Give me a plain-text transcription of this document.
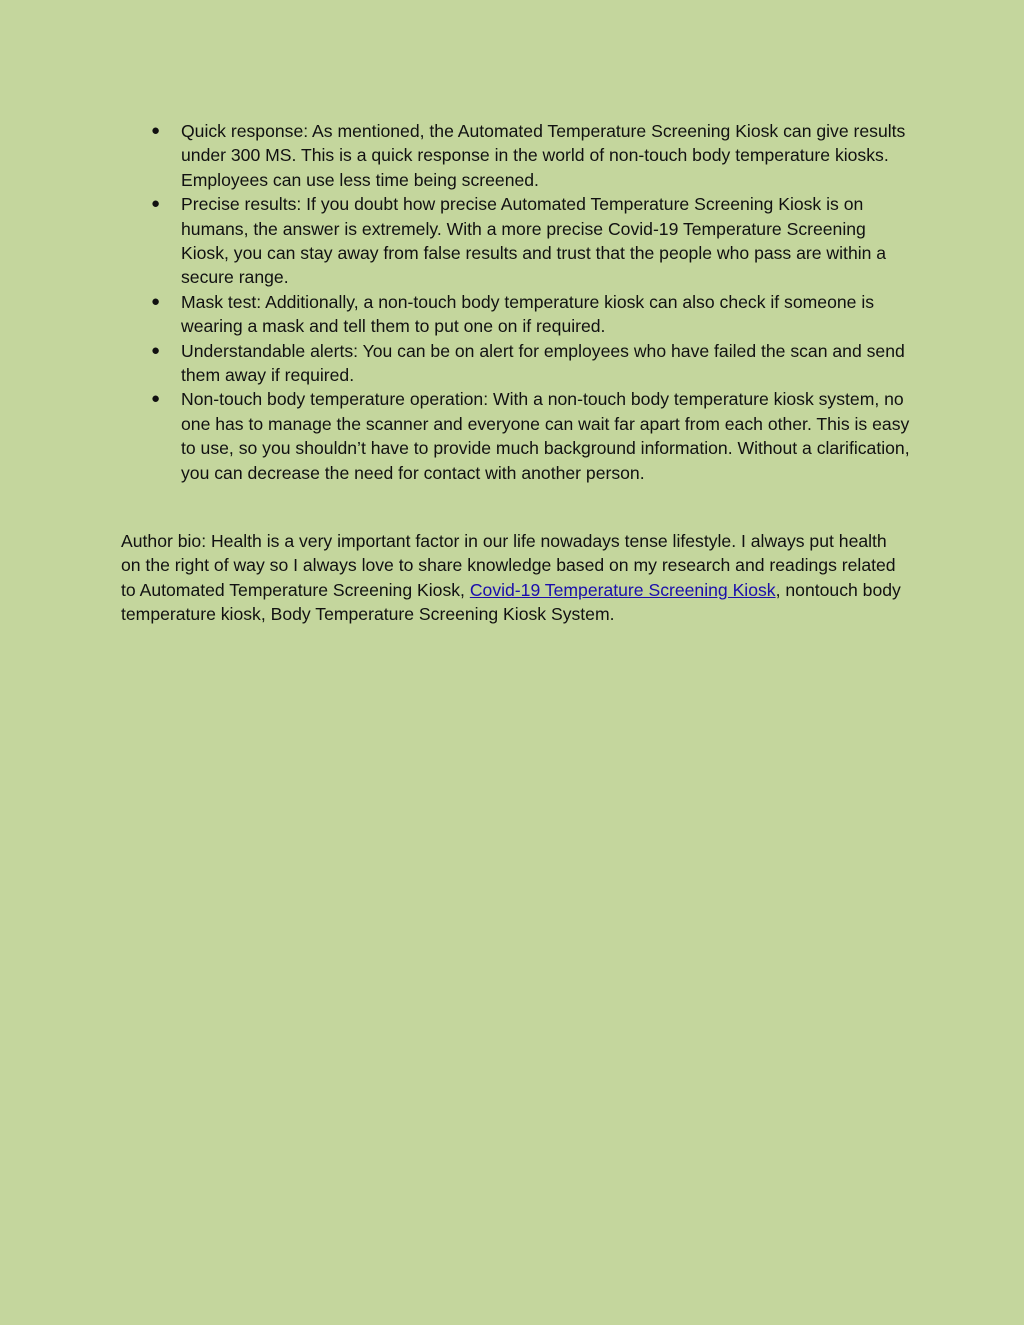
● Quick response: As mentioned, the Automated Temperature Screening Kiosk can give results under 300 MS. This is a quick response in the world of non-touch body temperature kiosks. Employees can use less time being screened.
● Precise results: If you doubt how precise Automated Temperature Screening Kiosk is on humans, the answer is extremely. With a more precise Covid-19 Temperature Screening Kiosk, you can stay away from false results and trust that the people who pass are within a secure range.
● Mask test: Additionally, a non-touch body temperature kiosk can also check if someone is wearing a mask and tell them to put one on if required.
● Understandable alerts: You can be on alert for employees who have failed the scan and send them away if required.
● Non-touch body temperature operation: With a non-touch body temperature kiosk system, no one has to manage the scanner and everyone can wait far apart from each other. This is easy to use, so you shouldn’t have to provide much background information. Without a clarification, you can decrease the need for contact with another person.

Author bio: Health is a very important factor in our life nowadays tense lifestyle. I always put health on the right of way so I always love to share knowledge based on my research and readings related to Automated Temperature Screening Kiosk, Covid-19 Temperature Screening Kiosk, nontouch body temperature kiosk, Body Temperature Screening Kiosk System.
